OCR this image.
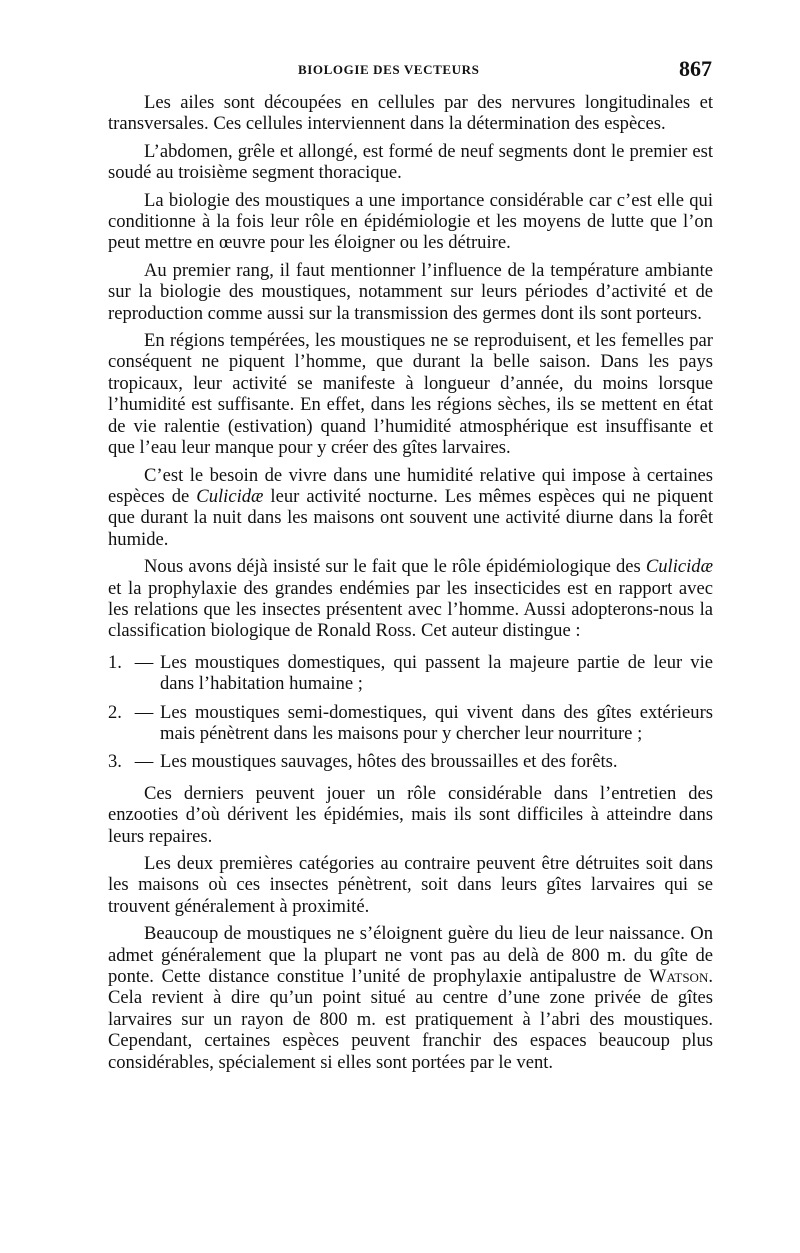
BIOLOGIE DES VECTEURS	867

Les ailes sont découpées en cellules par des nervures longitudinales et transversales. Ces cellules interviennent dans la détermination des espèces.

L’abdomen, grêle et allongé, est formé de neuf segments dont le premier est soudé au troisième segment thoracique.

La biologie des moustiques a une importance considérable car c’est elle qui conditionne à la fois leur rôle en épidémiologie et les moyens de lutte que l’on peut mettre en œuvre pour les éloigner ou les détruire.

Au premier rang, il faut mentionner l’influence de la température ambiante sur la biologie des moustiques, notamment sur leurs périodes d’activité et de reproduction comme aussi sur la transmission des germes dont ils sont porteurs.

En régions tempérées, les moustiques ne se reproduisent, et les femelles par conséquent ne piquent l’homme, que durant la belle saison. Dans les pays tropicaux, leur activité se manifeste à longueur d’année, du moins lorsque l’humidité est suffisante. En effet, dans les régions sèches, ils se mettent en état de vie ralentie (estivation) quand l’humidité atmosphérique est insuffisante et que l’eau leur manque pour y créer des gîtes larvaires.

C’est le besoin de vivre dans une humidité relative qui impose à certaines espèces de Culicidæ leur activité nocturne. Les mêmes espèces qui ne piquent que durant la nuit dans les maisons ont souvent une activité diurne dans la forêt humide.

Nous avons déjà insisté sur le fait que le rôle épidémiologique des Culicidæ et la prophylaxie des grandes endémies par les insecticides est en rapport avec les relations que les insectes présentent avec l’homme. Aussi adopterons-nous la classification biologique de Ronald Ross. Cet auteur distingue :

1. — Les moustiques domestiques, qui passent la majeure partie de leur vie dans l’habitation humaine ;
2. — Les moustiques semi-domestiques, qui vivent dans des gîtes extérieurs mais pénètrent dans les maisons pour y chercher leur nourriture ;
3. — Les moustiques sauvages, hôtes des broussailles et des forêts.

Ces derniers peuvent jouer un rôle considérable dans l’entretien des enzooties d’où dérivent les épidémies, mais ils sont difficiles à atteindre dans leurs repaires.

Les deux premières catégories au contraire peuvent être détruites soit dans les maisons où ces insectes pénètrent, soit dans leurs gîtes larvaires qui se trouvent généralement à proximité.

Beaucoup de moustiques ne s’éloignent guère du lieu de leur naissance. On admet généralement que la plupart ne vont pas au delà de 800 m. du gîte de ponte. Cette distance constitue l’unité de prophylaxie antipalustre de Watson. Cela revient à dire qu’un point situé au centre d’une zone privée de gîtes larvaires sur un rayon de 800 m. est pratiquement à l’abri des moustiques. Cependant, certaines espèces peuvent franchir des espaces beaucoup plus considérables, spécialement si elles sont portées par le vent.
